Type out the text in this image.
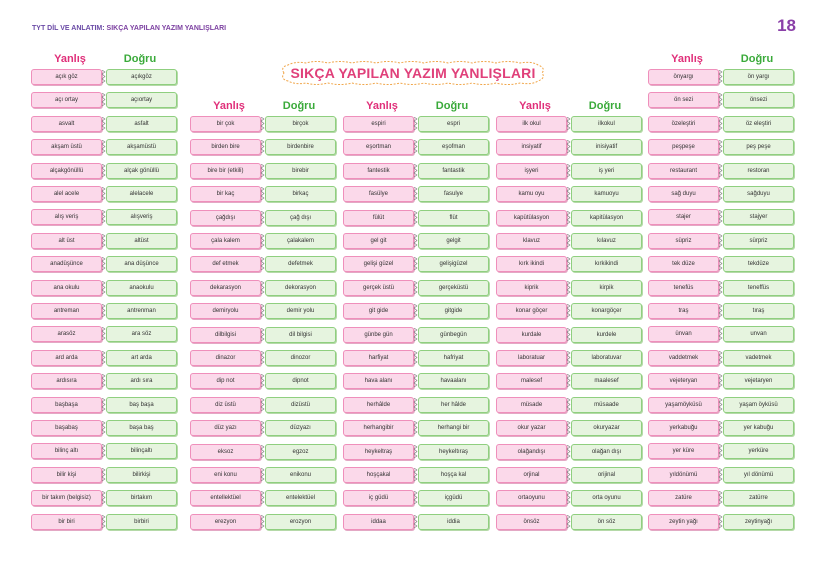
TYT DİL VE ANLATIM: SIKÇA YAPILAN YAZIM YANLIŞLARI	18
SIKÇA YAPILAN YAZIM YANLIŞLARI
Yanlış	Doğru
açık göz	açıkgöz
açı ortay	açıortay
asvalt	asfalt
akşam üstü	akşamüstü
alçakgönüllü	alçak gönüllü
alel acele	alelacele
alış veriş	alışveriş
alt üst	altüst
anadüşünce	ana düşünce
ana okulu	anaokulu
antreman	antrenman
arasöz	ara söz
ard arda	art arda
ardısıra	ardı sıra
başbaşa	baş başa
başabaş	başa baş
bilinç altı	bilinçaltı
bilir kişi	bilirkişi
bir takım (belgisiz)	birtakım
bir biri	birbiri
Yanlış	Doğru
bir çok	birçok
birden bire	birdenbire
bire bir (etkili)	birebir
bir kaç	birkaç
çağdışı	çağ dışı
çala kalem	çalakalem
def etmek	defetmek
dekarasyon	dekorasyon
demiryolu	demir yolu
dilbilgisi	dil bilgisi
dinazor	dinozor
dip not	dipnot
diz üstü	dizüstü
düz yazı	düzyazı
eksoz	egzoz
eni konu	enikonu
entellektüel	entelektüel
erezyon	erozyon
Yanlış	Doğru
espiri	espri
eşortman	eşofman
fantestik	fantastik
fasülye	fasulye
fülüt	flüt
gel git	gelgit
gelişi güzel	gelişigüzel
gerçek üstü	gerçeküstü
git gide	gitgide
günbe gün	günbegün
harfiyat	hafriyat
hava alanı	havaalanı
herhâlde	her hâlde
herhangibir	herhangi bir
heykeltraş	heykeltıraş
hoşçakal	hoşça kal
iç güdü	içgüdü
iddaa	iddia
Yanlış	Doğru
ilk okul	ilkokul
insiyatif	inisiyatif
işyeri	iş yeri
kamu oyu	kamuoyu
kapütülasyon	kapitülasyon
klavuz	kılavuz
kırk ikindi	kırkikindi
kiprik	kirpik
konar göçer	konargöçer
kurdale	kurdele
laboratuar	laboratuvar
malesef	maalesef
müsade	müsaade
okur yazar	okuryazar
olağandışı	olağan dışı
orjinal	orijinal
ortaoyunu	orta oyunu
önsöz	ön söz
Yanlış	Doğru
önyargı	ön yargı
ön sezi	önsezi
özeleştiri	öz eleştiri
peşpeşe	peş peşe
restaurant	restoran
sağ duyu	sağduyu
stajer	stajyer
süpriz	sürpriz
tek düze	tekdüze
tenefüs	teneffüs
traş	tıraş
ünvan	unvan
vaddetmek	vadetmek
vejeteryan	vejetaryen
yaşamöyküsü	yaşam öyküsü
yerkabuğu	yer kabuğu
yer küre	yerküre
yıldönümü	yıl dönümü
zatüre	zatürre
zeytin yağı	zeytinyağı
